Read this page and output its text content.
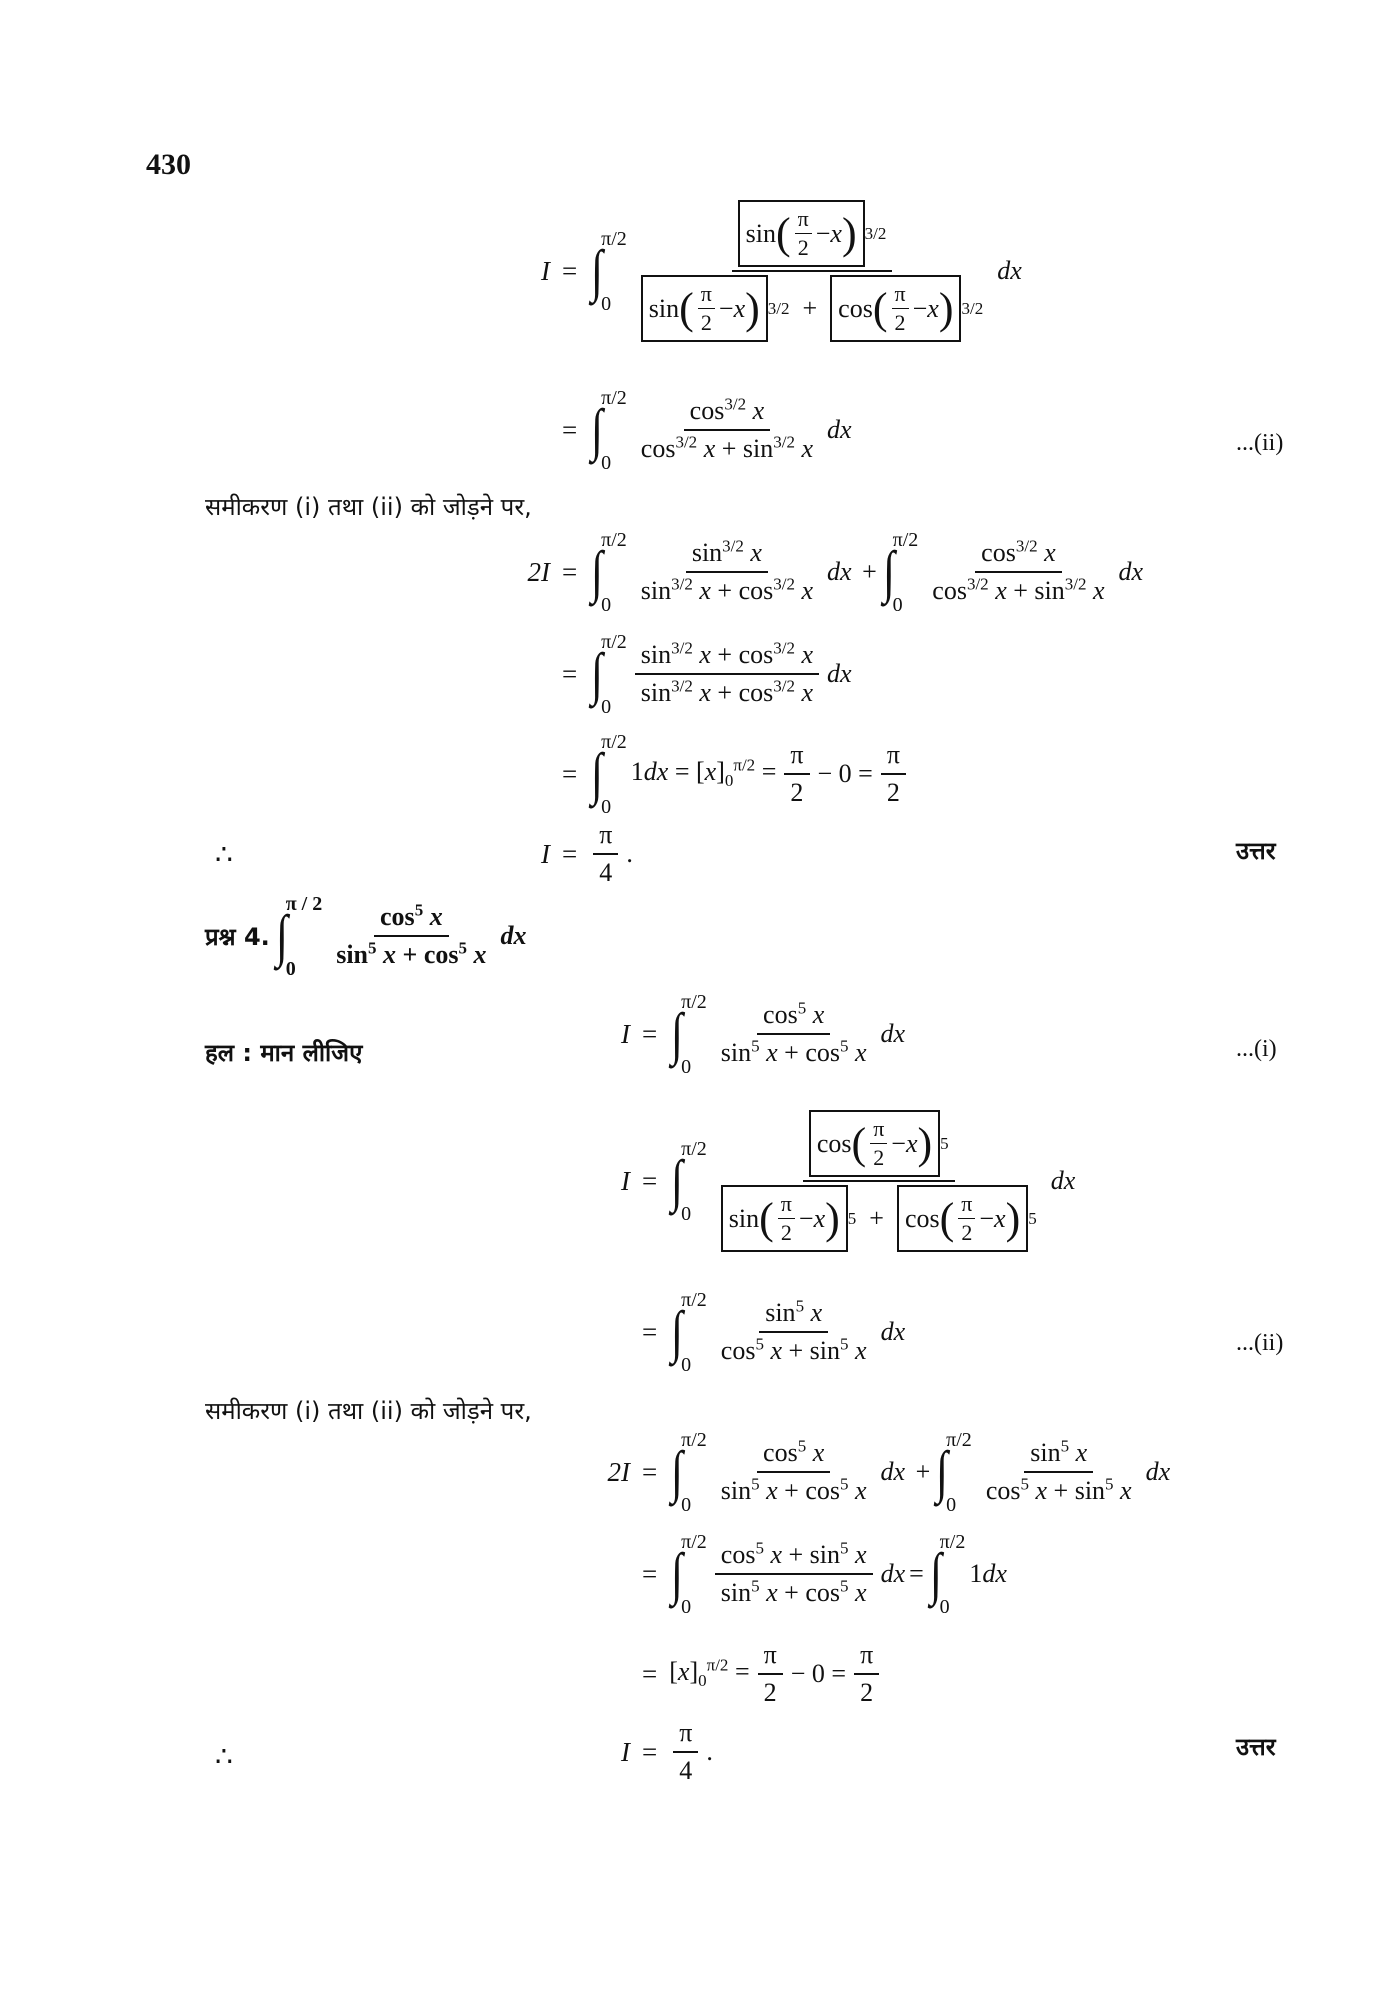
430
I = ∫
π/2
$0 \frac{\sin ( \frac{\pi}{2} - x ) 3/2}{\sin ( \frac{\pi}{2} - x ) 3/2 + \cos ( \frac{\pi}{2} - x ) 3/2}$ dx
= ∫
π/2
$0 \frac{\cos^{3/2} x}{\cos^{3/2} x + \sin^{3/2} x}$ dx	...(ii)
समीकरण (i) तथा (ii) को जोड़ने पर,
2I = ∫
π/2
$0 \frac{\sin^{3/2} x}{\sin^{3/2} x + \cos^{3/2} x}$ dx + ∫
π/2
$0 \frac{\cos^{3/2} x}{\cos^{3/2} x + \sin^{3/2} x}$ dx
= ∫
π/2
$0 \frac{\sin^{3/2} x + \cos^{3/2} x}{\sin^{3/2} x + \cos^{3/2} x}$ dx
= ∫
π/2
0
$1dx = [x]_0^{\pi/2} = \frac{\pi}{2} - 0 = \frac{\pi}{2}$
∴	$I = \frac{\pi}{4}$ .	उत्तर
प्रश्न 4. ∫
π / 2
0	$\frac{\cos^5 x}{\sin^5 x + \cos^5 x}$ dx
हल : मान लीजिए
I = ∫
π/2
$0 \frac{\cos^5 x}{\sin^5 x + \cos^5 x}$ dx
...(i)
I = ∫
π/2
$0 \frac{\cos ( \frac{\pi}{2} - x ) 5}{\sin ( \frac{\pi}{2} - x ) 5 + \cos ( \frac{\pi}{2} - x ) 5}$ dx
= ∫
π/2
$0 \frac{\sin^5 x}{\cos^5 x + \sin^5 x}$ dx	...(ii)
समीकरण (i) तथा (ii) को जोड़ने पर,
2I = ∫
π/2
$0 \frac{\cos^5 x}{\sin^5 x + \cos^5 x}$ dx + ∫
π/2
$0 \frac{\sin^5 x}{\cos^5 x + \sin^5 x}$ dx
= ∫
π/2
$0 \frac{\cos^5 x + \sin^5 x}{\sin^5 x + \cos^5 x}$ dx = ∫
π/2
0
1dx
= $[x]_0^{\pi/2} = \frac{\pi}{2} - 0 = \frac{\pi}{2}$
∴	$I = \frac{\pi}{4}$ .	उत्तर
